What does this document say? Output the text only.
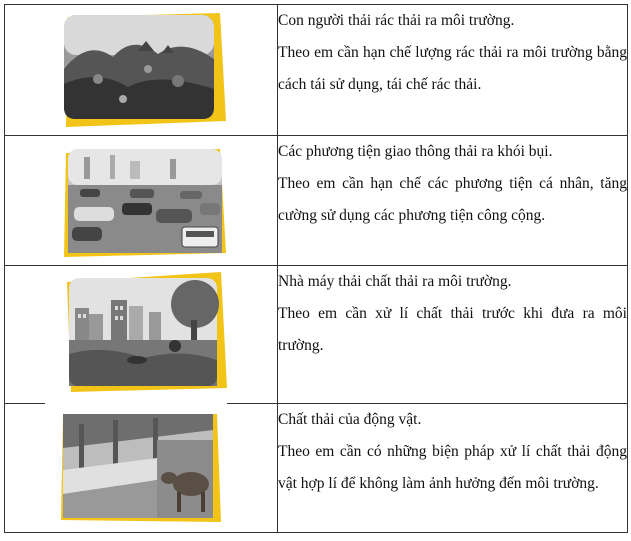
Con người thải rác thải ra môi trường.

Theo em cần hạn chế lượng rác thải ra môi trường bằng cách tái sử dụng, tái chế rác thải.

Các phương tiện giao thông thải ra khói bụi.

Theo em cần hạn chế các phương tiện cá nhân, tăng cường sử dụng các phương tiện công cộng.

Nhà máy thải chất thải ra môi trường.

Theo em cần xử lí chất thải trước khi đưa ra môi trường.

Chất thải của động vật.

Theo em cần có những biện pháp xử lí chất thải động vật hợp lí để không làm ảnh hưởng đến môi trường.
